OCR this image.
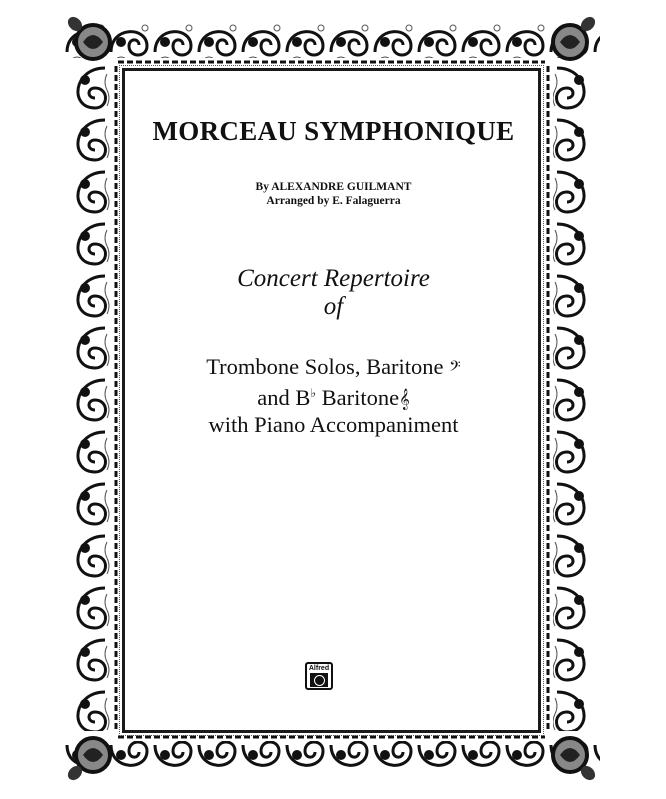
MORCEAU SYMPHONIQUE
By ALEXANDRE GUILMANT
Arranged by E. Falaguerra
Concert Repertoire
of
Trombone Solos, Baritone 𝄢
and B♭ Baritone𝄞
with Piano Accompaniment
Alfred
